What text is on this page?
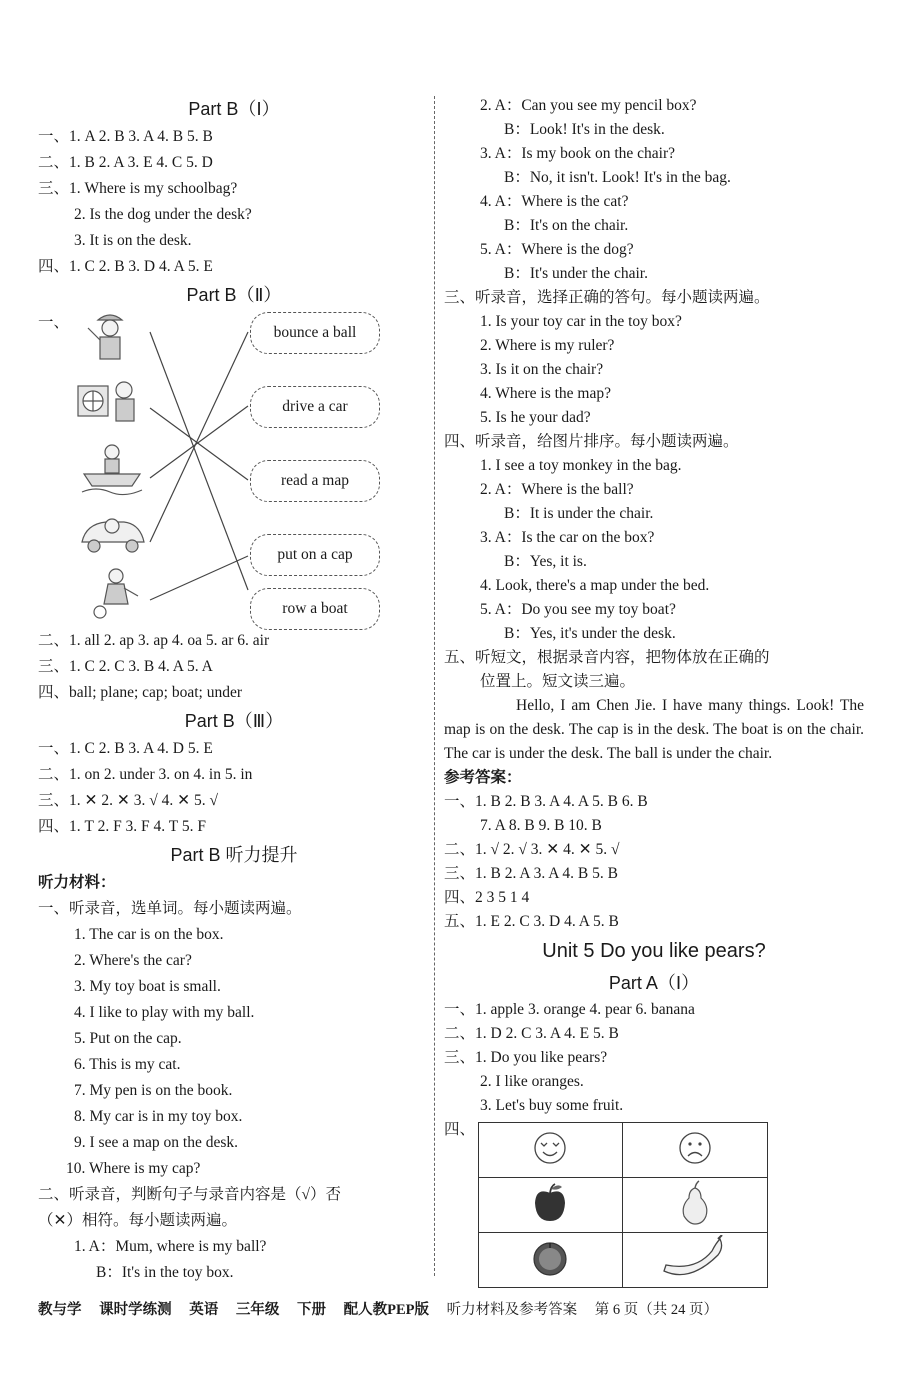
Part B（Ⅰ）
一、1. A 2. B 3. A 4. B 5. B
二、1. B 2. A 3. E 4. C 5. D
三、1. Where is my schoolbag?
2. Is the dog under the desk?
3. It is on the desk.
四、1. C 2. B 3. D 4. A 5. E
Part B（Ⅱ）
一、
bounce a ball
drive a car
read a map
put on a cap
row a boat
二、1. all 2. ap 3. ap 4. oa 5. ar 6. air
三、1. C 2. C 3. B 4. A 5. A
四、ball; plane; cap; boat; under
Part B（Ⅲ）
一、1. C 2. B 3. A 4. D 5. E
二、1. on 2. under 3. on 4. in 5. in
三、1. ✕ 2. ✕ 3. √ 4. ✕ 5. √
四、1. T 2. F 3. F 4. T 5. F
Part B 听力提升
听力材料：
一、听录音，选单词。每小题读两遍。
1. The car is on the box.
2. Where's the car?
3. My toy boat is small.
4. I like to play with my ball.
5. Put on the cap.
6. This is my cat.
7. My pen is on the book.
8. My car is in my toy box.
9. I see a map on the desk.
10. Where is my cap?
二、听录音，判断句子与录音内容是（√）否
（✕）相符。每小题读两遍。
1. A：Mum, where is my ball?
B：It's in the toy box.
2. A：Can you see my pencil box?
B：Look! It's in the desk.
3. A：Is my book on the chair?
B：No, it isn't. Look! It's in the bag.
4. A：Where is the cat?
B：It's on the chair.
5. A：Where is the dog?
B：It's under the chair.
三、听录音，选择正确的答句。每小题读两遍。
1. Is your toy car in the toy box?
2. Where is my ruler?
3. Is it on the chair?
4. Where is the map?
5. Is he your dad?
四、听录音，给图片排序。每小题读两遍。
1. I see a toy monkey in the bag.
2. A：Where is the ball?
B：It is under the chair.
3. A：Is the car on the box?
B：Yes, it is.
4. Look, there's a map under the bed.
5. A：Do you see my toy boat?
B：Yes, it's under the desk.
五、听短文，根据录音内容，把物体放在正确的
位置上。短文读三遍。
Hello, I am Chen Jie. I have many things. Look! The map is on the desk. The cap is in the desk. The boat is on the chair. The car is under the desk. The ball is under the chair.
参考答案：
一、1. B 2. B 3. A 4. A 5. B 6. B
7. A 8. B 9. B 10. B
二、1. √ 2. √ 3. ✕ 4. ✕ 5. √
三、1. B 2. A 3. A 4. B 5. B
四、2 3 5 1 4
五、1. E 2. C 3. D 4. A 5. B
Unit 5 Do you like pears?
Part A（Ⅰ）
一、1. apple 3. orange 4. pear 6. banana
二、1. D 2. C 3. A 4. E 5. B
三、1. Do you like pears?
2. I like oranges.
3. Let's buy some fruit.
四、

教与学 课时学练测 英语 三年级 下册 配人教PEP版 听力材料及参考答案 第 6 页（共 24 页）
